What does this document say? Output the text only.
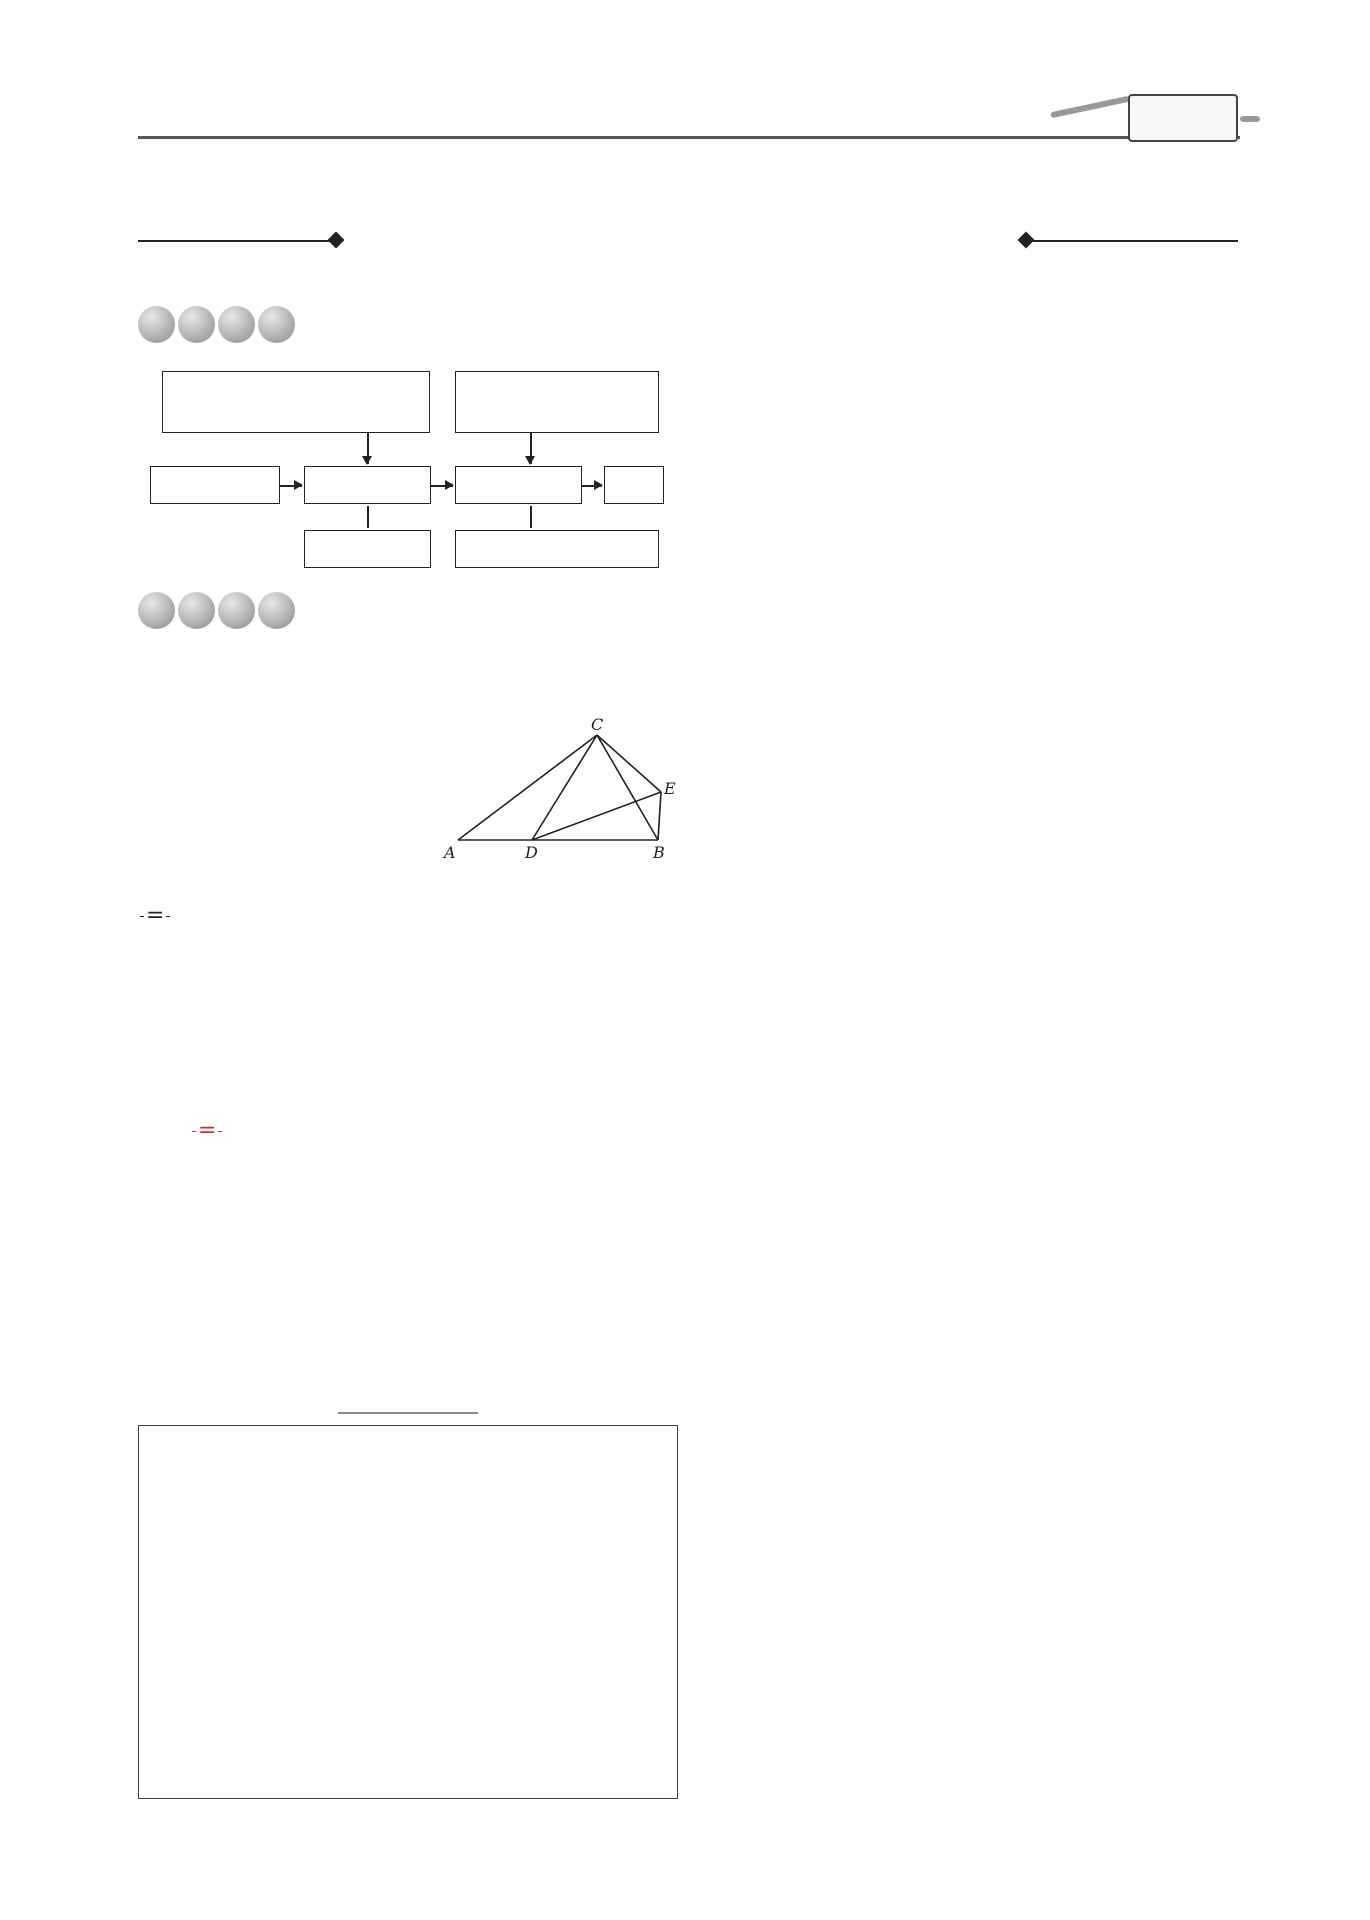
A	B
C
D
E

=
=
